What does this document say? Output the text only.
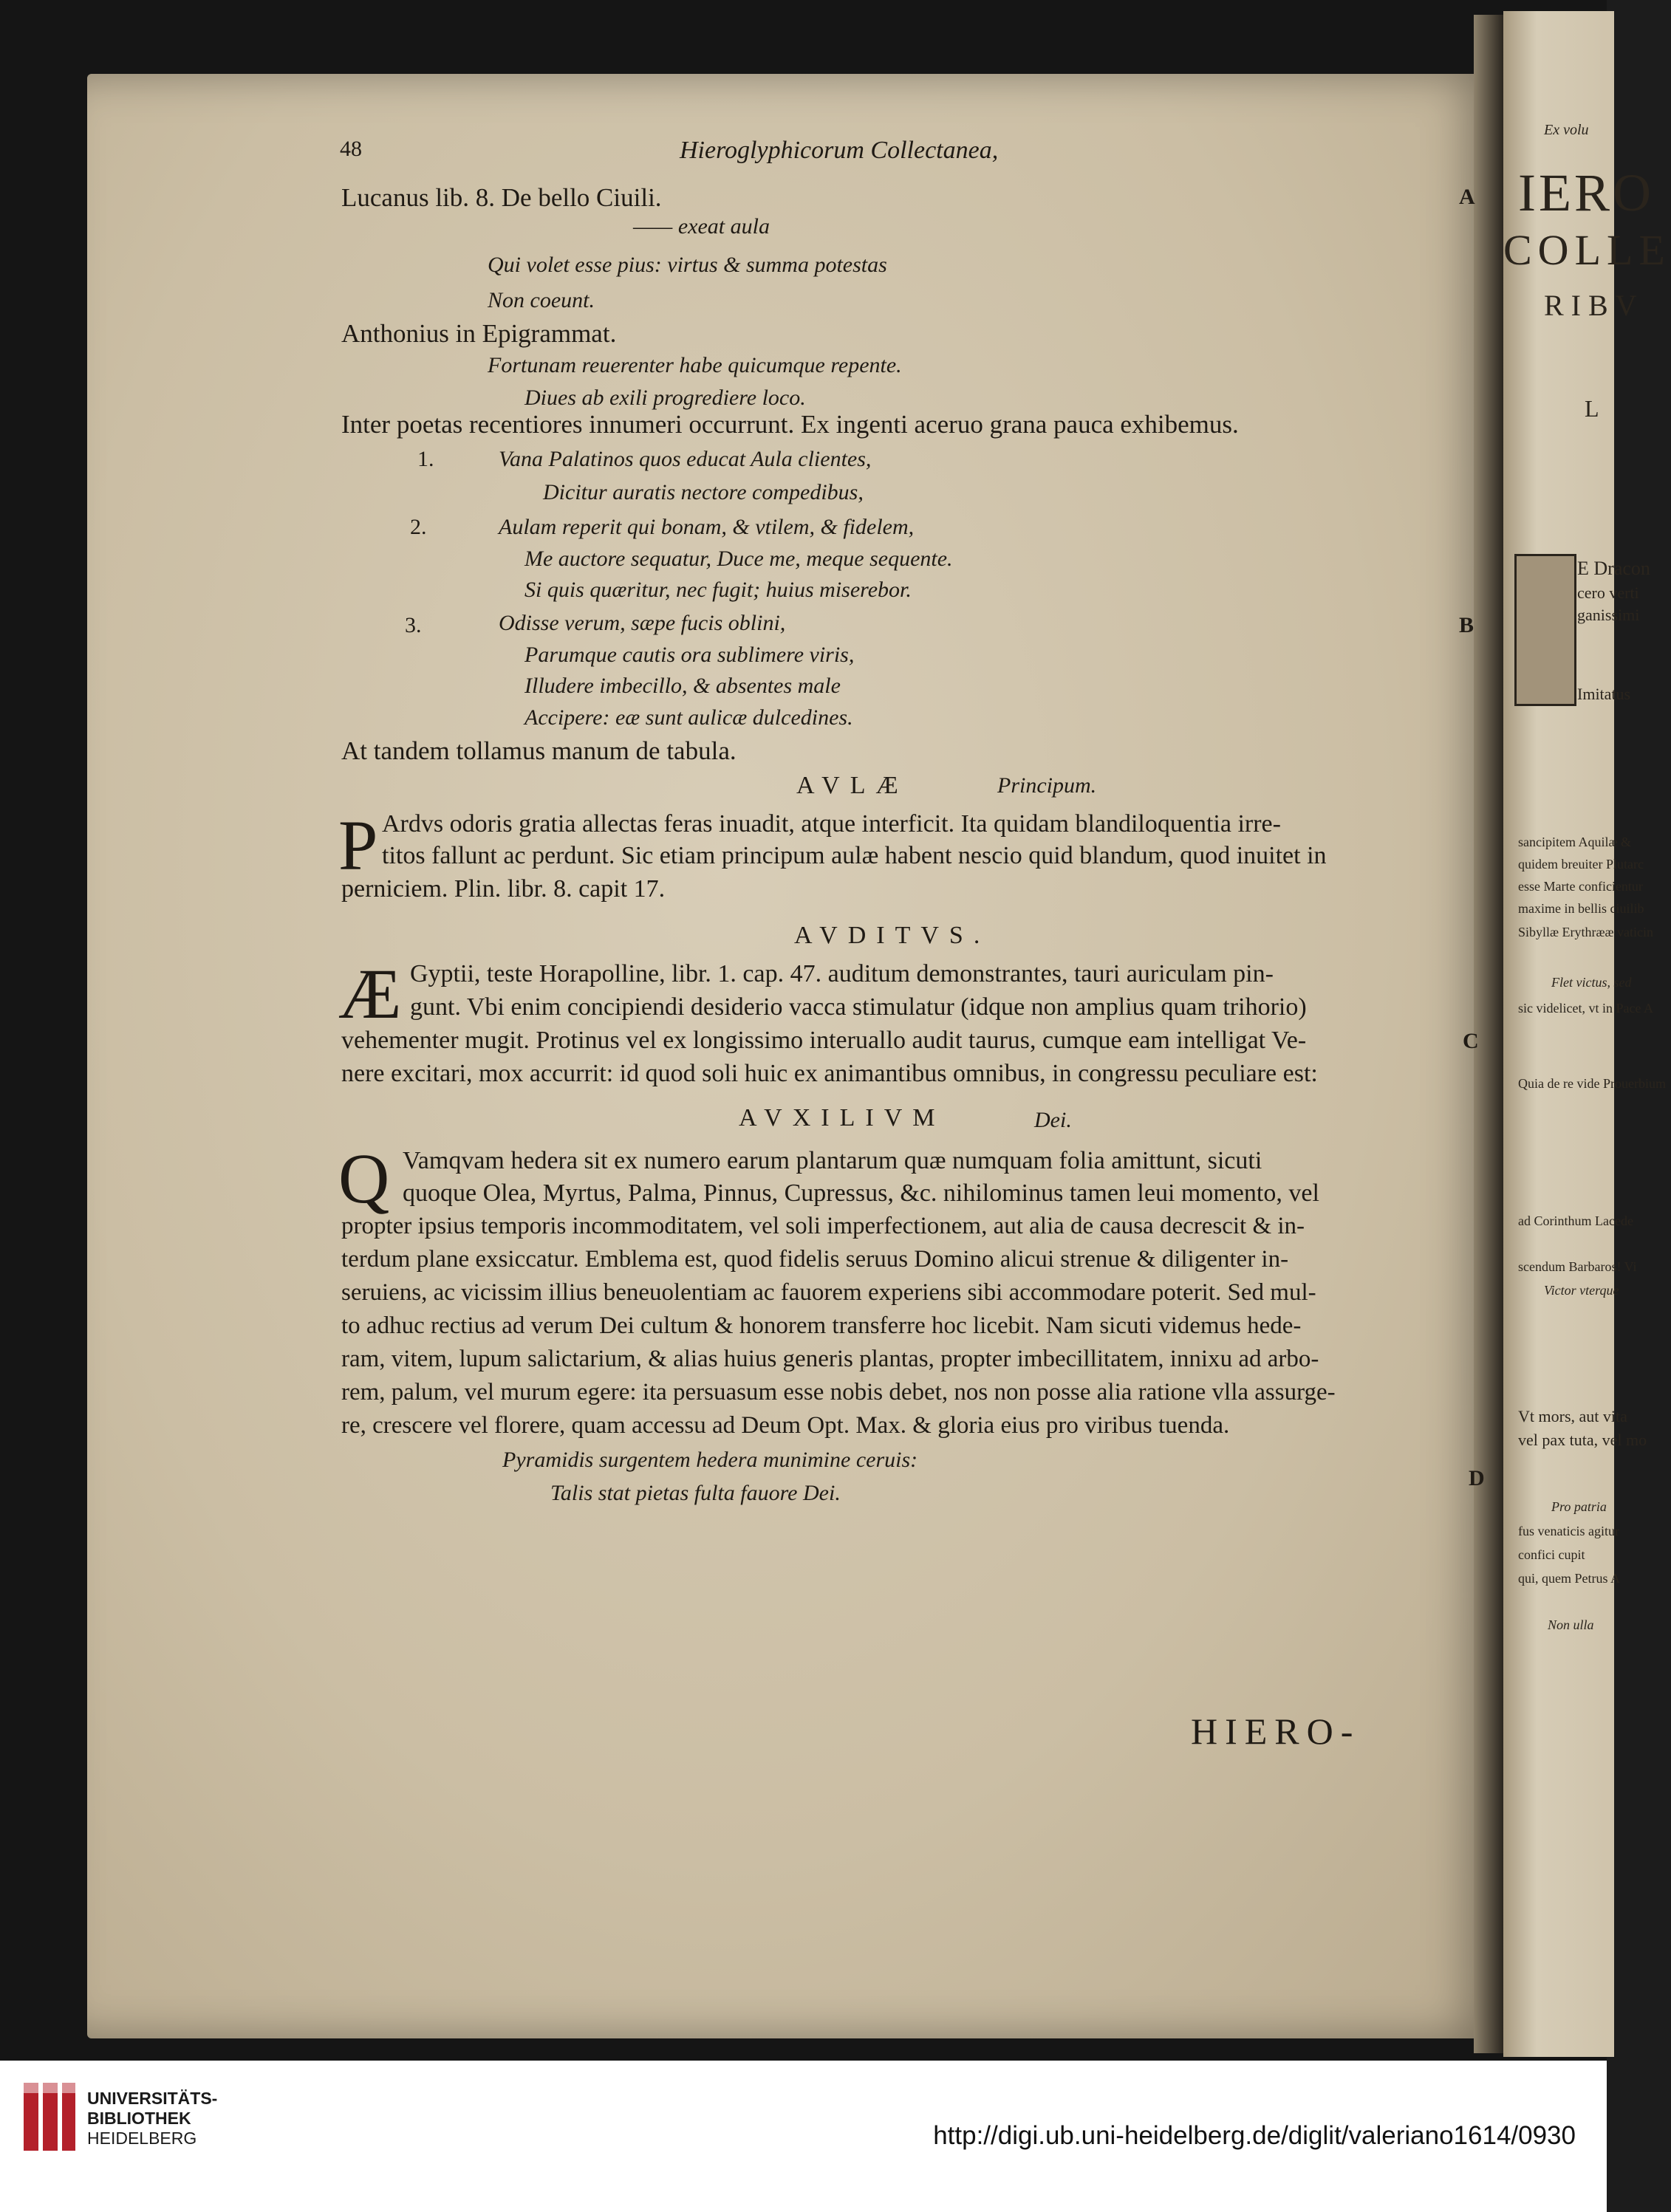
Ex volu
IERO
COLLE
RIBV
L
E Dracon
cero verti
ganissimi
Imitatus
sancipitem Aquilæ &
quidem breuiter Plutarc
esse Marte conficientur
maxime in bellis ciuilib
Sibyllæ Erythrææ vaticin
Flet victus, sed
sic videlicet, vt in Pace A
Quia de re vide Prouerbium
ad Corinthum Lacede
scendum Barbaros! Vi
Victor vterque
Vt mors, aut vita
vel pax tuta, vel mo
Pro patria
fus venaticis agitur
confici cupit
qui, quem Petrus A
Non ulla
48	Hieroglyphicorum Collectanea,
A
Lucanus lib. 8. De bello Ciuili.
—— exeat aula
Qui volet esse pius: virtus & summa potestas
Non coeunt.
Anthonius in Epigrammat.
Fortunam reuerenter habe quicumque repente.
Diues ab exili progrediere loco.
Inter poetas recentiores innumeri occurrunt. Ex ingenti aceruo grana pauca exhibemus.
1.	Vana Palatinos quos educat Aula clientes,
Dicitur auratis nectore compedibus,
2.	Aulam reperit qui bonam, & vtilem, & fidelem,
Me auctore sequatur, Duce me, meque sequente.
Si quis quæritur, nec fugit; huius miserebor.
3.	Odisse verum, sæpe fucis oblini,	B
Parumque cautis ora sublimere viris,
Illudere imbecillo, & absentes male
Accipere: eæ sunt aulicæ dulcedines.
At tandem tollamus manum de tabula.
AVLÆ	Principum.
P Ardvs odoris gratia allectas feras inuadit, atque interficit. Ita quidam blandiloquentia irre-
titos fallunt ac perdunt. Sic etiam principum aulæ habent nescio quid blandum, quod inuitet in
perniciem. Plin. libr. 8. capit 17.
AVDITVS.
Æ Gyptii, teste Horapolline, libr. 1. cap. 47. auditum demonstrantes, tauri auriculam pin-
gunt. Vbi enim concipiendi desiderio vacca stimulatur (idque non amplius quam trihorio)
vehementer mugit. Protinus vel ex longissimo interuallo audit taurus, cumque eam intelligat Ve-	C
nere excitari, mox accurrit: id quod soli huic ex animantibus omnibus, in congressu peculiare est:
AVXILIVM	Dei.
Q Vamqvam hedera sit ex numero earum plantarum quæ numquam folia amittunt, sicuti
quoque Olea, Myrtus, Palma, Pinnus, Cupressus, &c. nihilominus tamen leui momento, vel
propter ipsius temporis incommoditatem, vel soli imperfectionem, aut alia de causa decrescit & in-
terdum plane exsiccatur. Emblema est, quod fidelis seruus Domino alicui strenue & diligenter in-
seruiens, ac vicissim illius beneuolentiam ac fauorem experiens sibi accommodare poterit. Sed mul-
to adhuc rectius ad verum Dei cultum & honorem transferre hoc licebit. Nam sicuti videmus hede-
ram, vitem, lupum salictarium, & alias huius generis plantas, propter imbecillitatem, innixu ad arbo-
rem, palum, vel murum egere: ita persuasum esse nobis debet, nos non posse alia ratione vlla assurge-
re, crescere vel florere, quam accessu ad Deum Opt. Max. & gloria eius pro viribus tuenda.
Pyramidis surgentem hedera munimine ceruis:
D
Talis stat pietas fulta fauore Dei.
HIERO-
UNIVERSITÄTS-
BIBLIOTHEK
HEIDELBERG	http://digi.ub.uni-heidelberg.de/diglit/valeriano1614/0930
